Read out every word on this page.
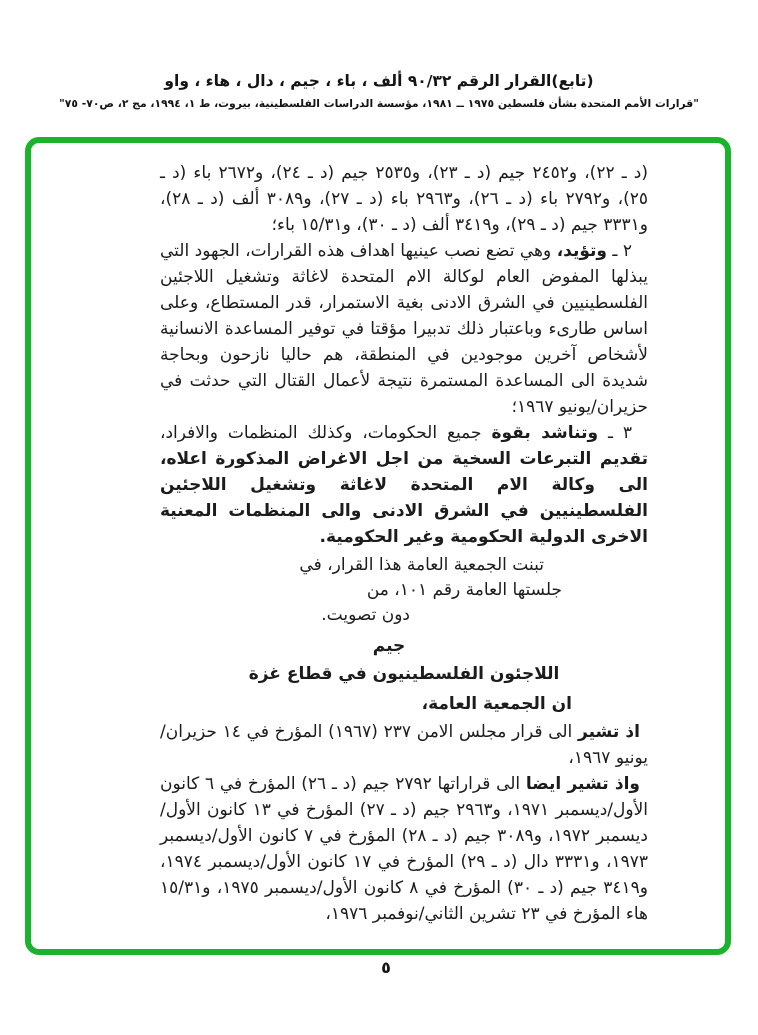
(تابع)القرار الرقم ٩٠/٣٢ ألف ، باء ، جيم ، دال ، هاء ، واو
"قرارات الأمم المتحدة بشأن فلسطين ١٩٧٥ ــ ١٩٨١، مؤسسة الدراسات الفلسطينية، بيروت، ط ١، ١٩٩٤، مج ٢، ص٧٠- ٧٥"

(د ـ ٢٢)، و٢٤٥٢ جيم (د ـ ٢٣)، و٢٥٣٥ جيم (د ـ ٢٤)، و٢٦٧٢ باء (د ـ ٢٥)، و٢٧٩٢ باء (د ـ ٢٦)، و٢٩٦٣ باء (د ـ ٢٧)، و٣٠٨٩ ألف (د ـ ٢٨)، و٣٣٣١ جيم (د ـ ٢٩)، و٣٤١٩ ألف (د ـ ٣٠)، و١٥/٣١ باء؛

٢ ـ وتؤيد، وهي تضع نصب عينيها اهداف هذه القرارات، الجهود التي يبذلها المفوض العام لوكالة الام المتحدة لاغاثة وتشغيل اللاجئين الفلسطينيين في الشرق الادنى بغية الاستمرار، قدر المستطاع، وعلى اساس طارىء وباعتبار ذلك تدبيرا مؤقتا في توفير المساعدة الانسانية لأشخاص آخرين موجودين في المنطقة، هم حاليا نازحون وبحاجة شديدة الى المساعدة المستمرة نتيجة لأعمال القتال التي حدثت في حزيران/يونيو ١٩٦٧؛

٣ ـ وتناشد بقوة جميع الحكومات، وكذلك المنظمات والافراد، تقديم التبرعات السخية من اجل الاغراض المذكورة اعلاه، الى وكالة الام المتحدة لاغاثة وتشغيل اللاجئين الفلسطينيين في الشرق الادنى والى المنظمات المعنية الاخرى الدولية الحكومية وغير الحكومية.

تبنت الجمعية العامة هذا القرار، في
جلستها العامة رقم ١٠١، من
دون تصويت.
جيم
اللاجئون الفلسطينيون في قطاع غزة
ان الجمعية العامة،

اذ تشير الى قرار مجلس الامن ٢٣٧ (١٩٦٧) المؤرخ في ١٤ حزيران/يونيو ١٩٦٧،

واذ تشير ايضا الى قراراتها ٢٧٩٢ جيم (د ـ ٢٦) المؤرخ في ٦ كانون الأول/ديسمبر ١٩٧١، و٢٩٦٣ جيم (د ـ ٢٧) المؤرخ في ١٣ كانون الأول/ديسمبر ١٩٧٢، و٣٠٨٩ جيم (د ـ ٢٨) المؤرخ في ٧ كانون الأول/ديسمبر ١٩٧٣، و٣٣٣١ دال (د ـ ٢٩) المؤرخ في ١٧ كانون الأول/ديسمبر ١٩٧٤، و٣٤١٩ جيم (د ـ ٣٠) المؤرخ في ٨ كانون الأول/ديسمبر ١٩٧٥، و١٥/٣١ هاء المؤرخ في ٢٣ تشرين الثاني/نوفمبر ١٩٧٦،

٥
